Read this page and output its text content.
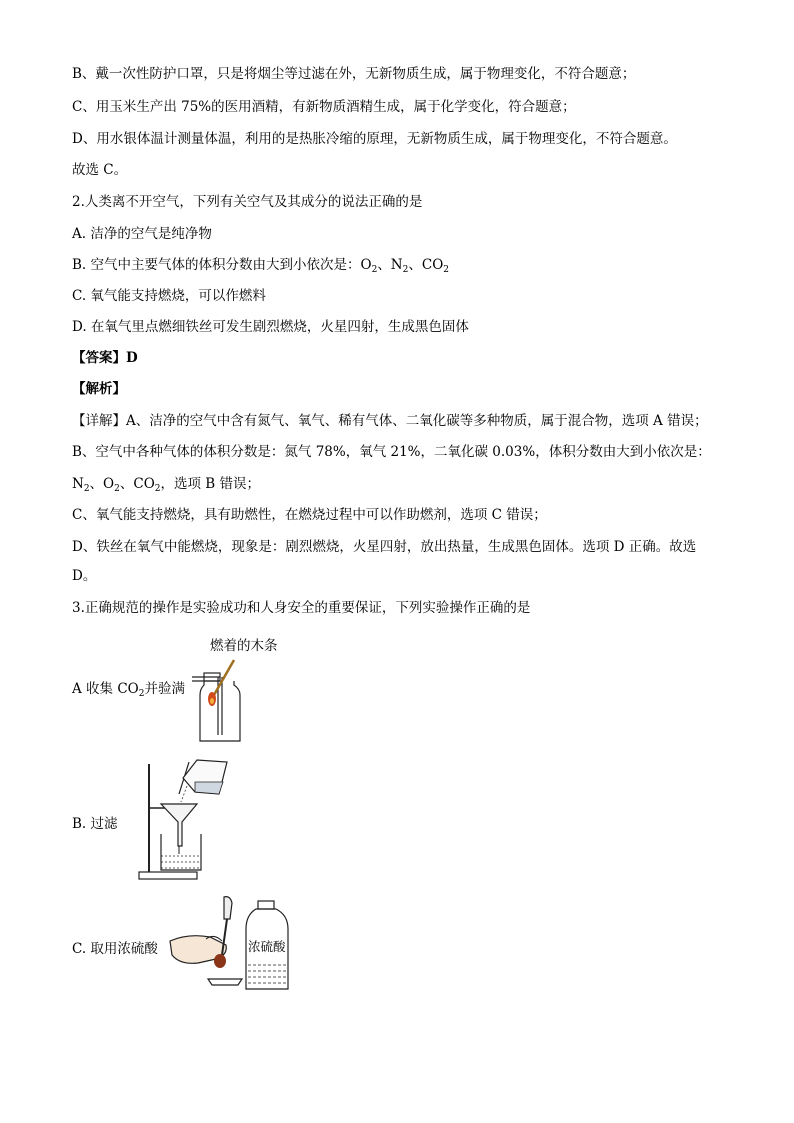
B、戴一次性防护口罩，只是将烟尘等过滤在外，无新物质生成，属于物理变化，不符合题意；
C、用玉米生产出 75%的医用酒精，有新物质酒精生成，属于化学变化，符合题意；
D、用水银体温计测量体温，利用的是热胀冷缩的原理，无新物质生成，属于物理变化，不符合题意。
故选 C。
2.人类离不开空气，下列有关空气及其成分的说法正确的是
A. 洁净的空气是纯净物
B. 空气中主要气体的体积分数由大到小依次是：$O_2$、$N_2$、$CO_2$
C. 氧气能支持燃烧，可以作燃料
D. 在氧气里点燃细铁丝可发生剧烈燃烧，火星四射，生成黑色固体
【答案】D
【解析】
【详解】A、洁净的空气中含有氮气、氧气、稀有气体、二氧化碳等多种物质，属于混合物，选项 A 错误；
B、空气中各种气体的体积分数是：氮气 78%，氧气 21%，二氧化碳 0.03%，体积分数由大到小依次是：
$N_2$、$O_2$、$CO_2$，选项 B 错误；
C、氧气能支持燃烧，具有助燃性，在燃烧过程中可以作助燃剂，选项 C 错误；
D、铁丝在氧气中能燃烧，现象是：剧烈燃烧，火星四射，放出热量，生成黑色固体。选项 D 正确。故选
D。
3.正确规范的操作是实验成功和人身安全的重要保证，下列实验操作正确的是
燃着的木条
A 收集 $CO_2$并验满
B. 过滤
C. 取用浓硫酸	浓硫酸
